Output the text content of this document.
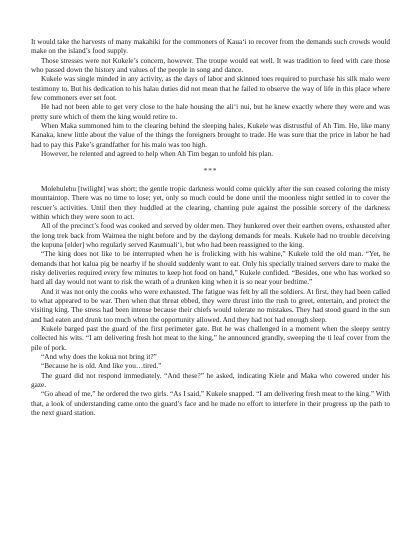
It would take the harvests of many makahiki for the commoners of Kaua‘i to recover from the demands such crowds would make on the island’s food supply.

Those stresses were not Kukele’s concern, however. The troupe would eat well. It was tradition to feed with care those who passed down the history and values of the people in song and dance.

Kukele was single minded in any activity, as the days of labor and skinned toes required to purchase his silk malo were testimony to. But his dedication to his halau duties did not mean that he failed to observe the way of life in this place where few commoners ever set foot.

He had not been able to get very close to the hale housing the ali‘i nui, but he knew exactly where they were and was pretty sure which of them the king would retire to.

When Maka summoned him to the clearing behind the sleeping hales, Kukele was distrustful of Ah Tim. He, like many Kanaka, knew little about the value of the things the foreigners brought to trade. He was sure that the price in labor he had had to pay this Pake’s grandfather for his malo was too high.

However, he relented and agreed to help when Ah Tim began to unfold his plan.

***

Molehulehu [twilight] was short; the gentle tropic darkness would come quickly after the sun ceased coloring the misty mountaintop. There was no time to lose; yet, only so much could be done until the moonless night settled in to cover the rescuer’s activities. Until then they huddled at the clearing, chanting pule against the possible sorcery of the darkness within which they were soon to act.

All of the precinct’s food was cooked and served by older men. They hunkered over their earthen ovens, exhausted after the long trek back from Waimea the night before and by the daylong demands for meals. Kukele had no trouble deceiving the kupuna [elder] who regularly served Kaumuali‘i, but who had been reassigned to the king.

“The king does not like to be interrupted when he is frolicking with his wahine,” Kukele told the old man. “Yet, he demands that hot kalua pig be nearby if he should suddenly want to eat. Only his specially trained servers dare to make the risky deliveries required every few minutes to keep hot food on hand,” Kukele confided. “Besides, one who has worked so hard all day would not want to risk the wrath of a drunken king when it is so near your bedtime.”

And it was not only the cooks who were exhausted. The fatigue was felt by all the soldiers. At first, they had been called to what appeared to be war. Then when that threat ebbed, they were thrust into the rush to greet, entertain, and protect the visiting king. The stress had been intense because their chiefs would tolerate no mistakes. They had stood guard in the sun and had eaten and drunk too much when the opportunity allowed. And they had not had enough sleep.

Kukele barged past the guard of the first perimeter gate. But he was challenged in a moment when the sleepy sentry collected his wits. “I am delivering fresh hot meat to the king,” he announced grandly, sweeping the ti leaf cover from the pile of pork.

“And why does the kokua not bring it?”

“Because he is old. And like you…tired.”

The guard did not respond immediately. “And these?” he asked, indicating Kiele and Maka who cowered under his gaze.

“Go ahead of me,” he ordered the two girls. “As I said,” Kukele snapped. “I am delivering fresh meat to the king.” With that, a look of understanding came onto the guard’s face and he made no effort to interfere in their progress up the path to the next guard station.
